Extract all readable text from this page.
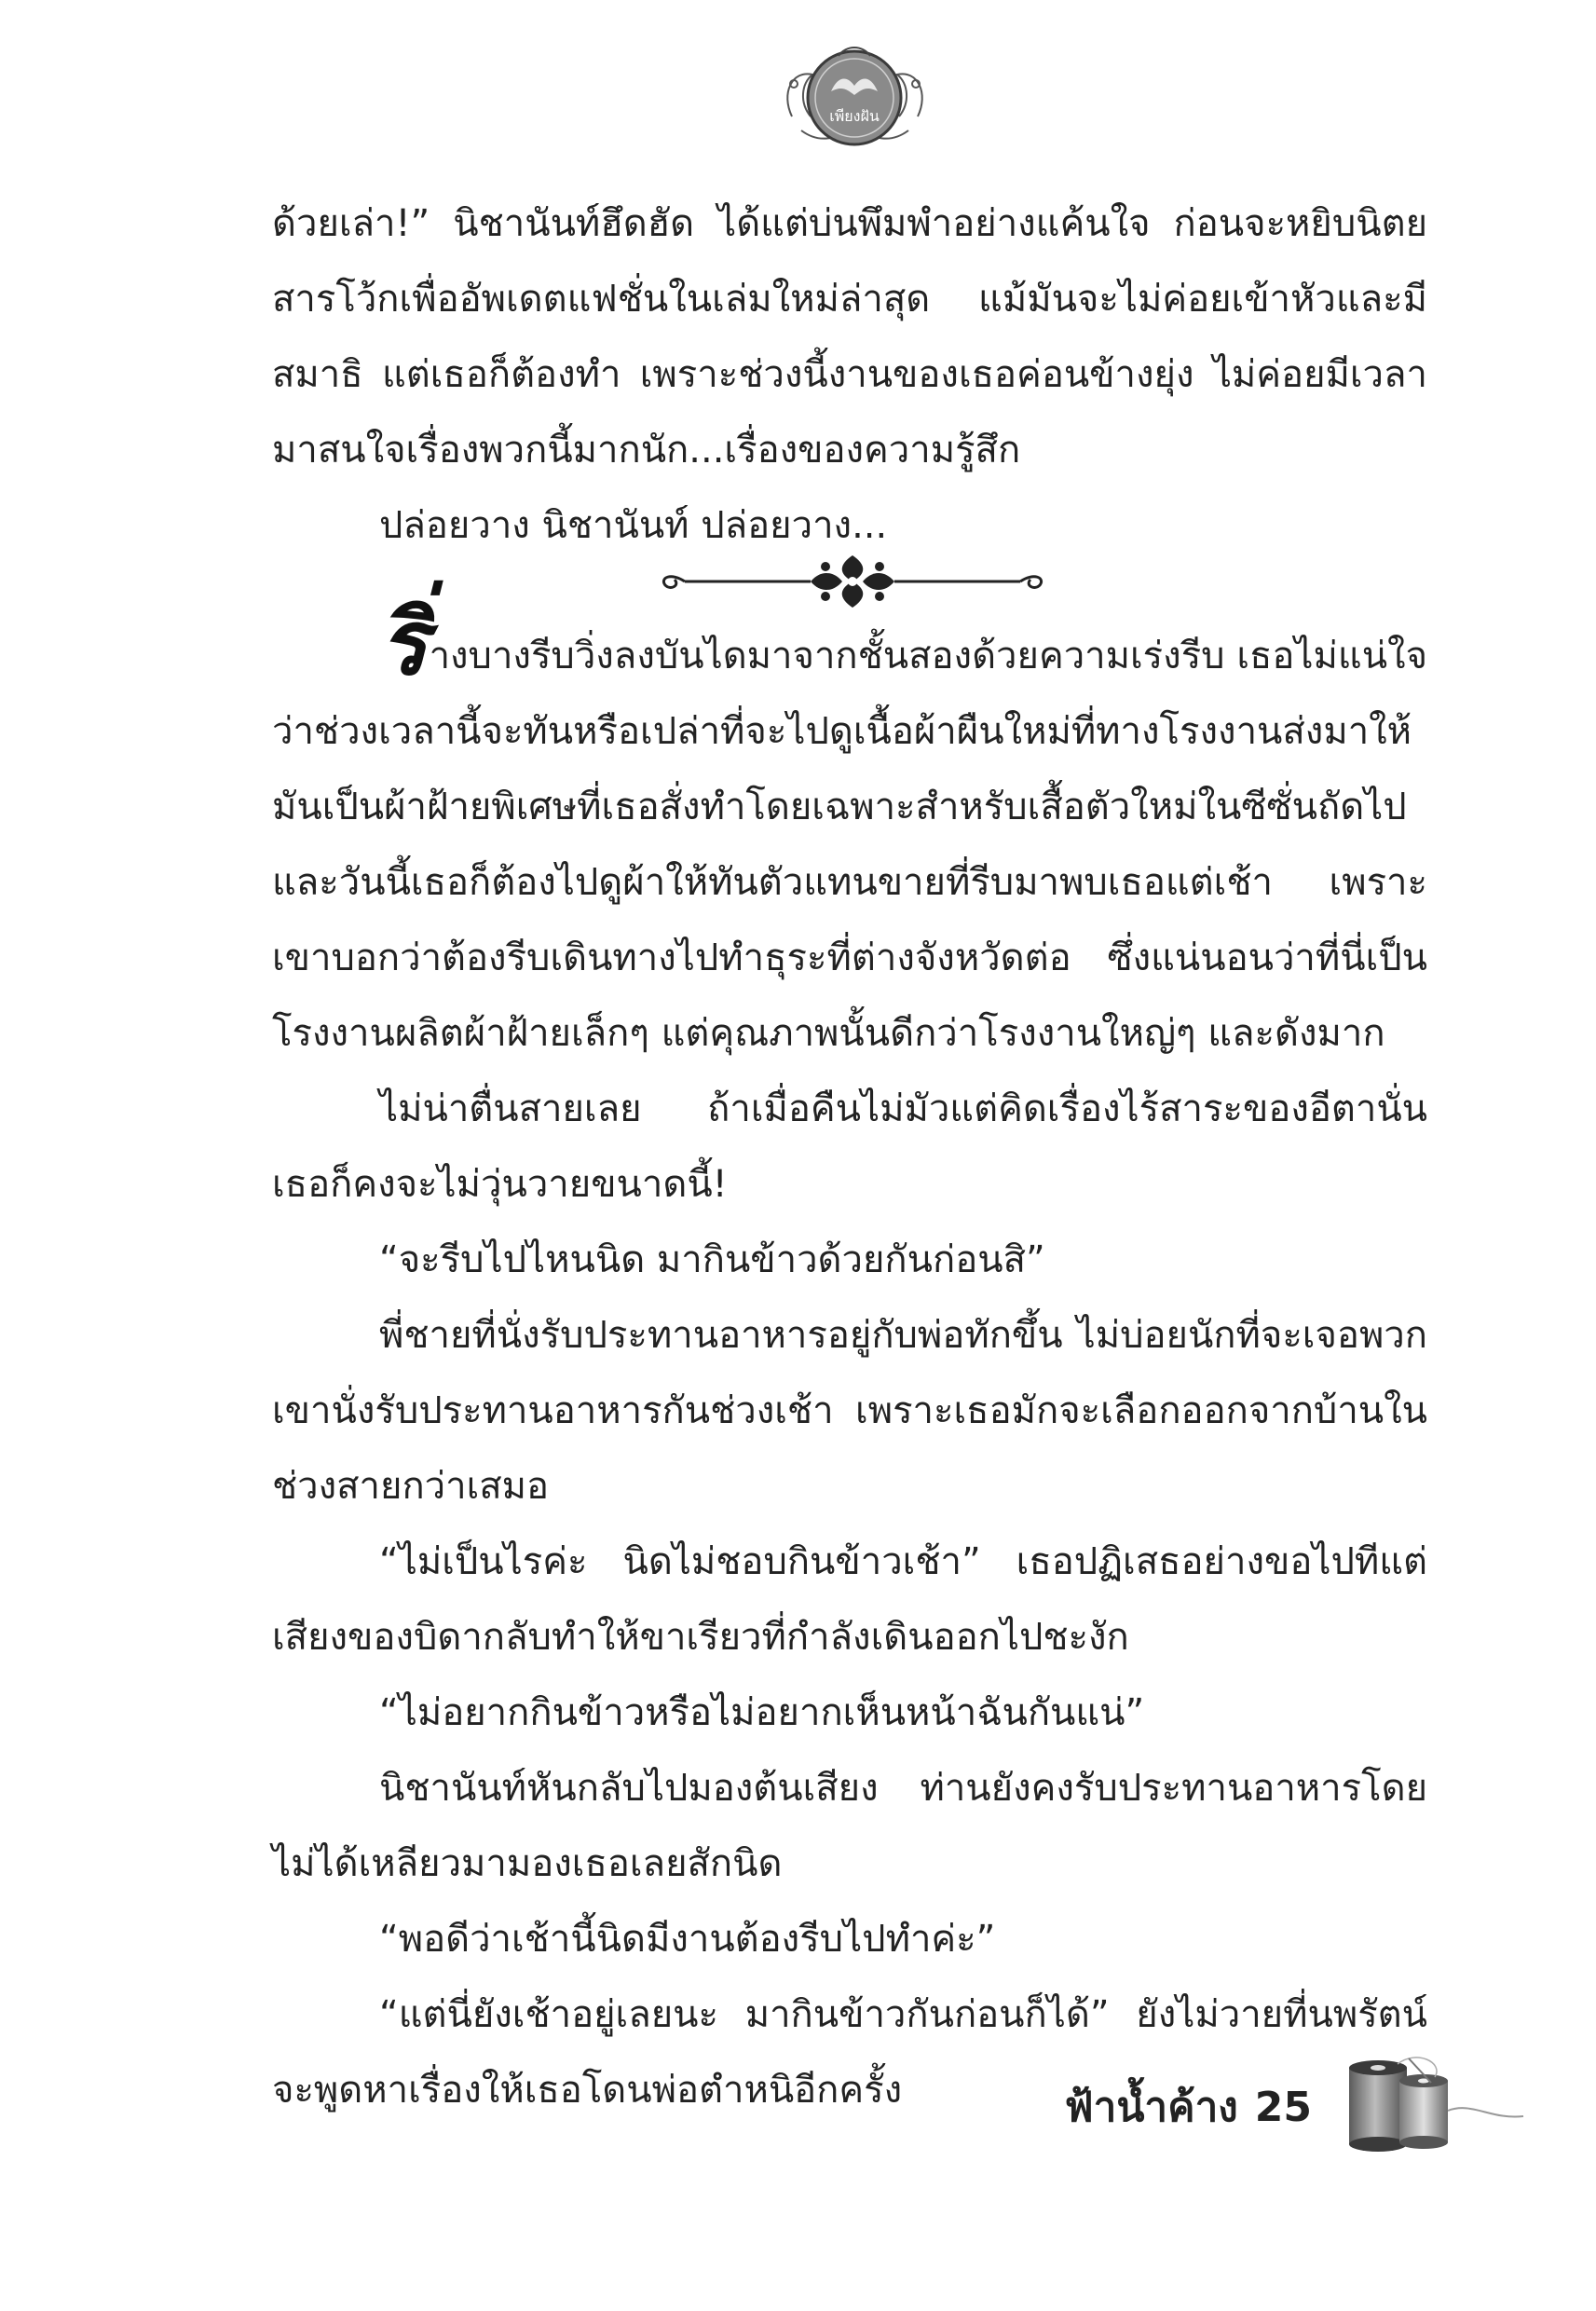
เพียงฝัน

ด้วยเล่า!” นิชานันท์ฮึดฮัด ได้แต่บ่นพึมพำอย่างแค้นใจ ก่อนจะหยิบนิตยสารโว้กเพื่ออัพเดตแฟชั่นในเล่มใหม่ล่าสุด แม้มันจะไม่ค่อยเข้าหัวและมีสมาธิ แต่เธอก็ต้องทำ เพราะช่วงนี้งานของเธอค่อนข้างยุ่ง ไม่ค่อยมีเวลามาสนใจเรื่องพวกนี้มากนัก...เรื่องของความรู้สึก

ปล่อยวาง นิชานันท์ ปล่อยวาง...

ริ่างบางรีบวิ่งลงบันไดมาจากชั้นสองด้วยความเร่งรีบ เธอไม่แน่ใจว่าช่วงเวลานี้จะทันหรือเปล่าที่จะไปดูเนื้อผ้าผืนใหม่ที่ทางโรงงานส่งมาให้ มันเป็นผ้าฝ้ายพิเศษที่เธอสั่งทำโดยเฉพาะสำหรับเสื้อตัวใหม่ในซีซั่นถัดไป และวันนี้เธอก็ต้องไปดูผ้าให้ทันตัวแทนขายที่รีบมาพบเธอแต่เช้า เพราะเขาบอกว่าต้องรีบเดินทางไปทำธุระที่ต่างจังหวัดต่อ ซึ่งแน่นอนว่าที่นี่เป็นโรงงานผลิตผ้าฝ้ายเล็กๆ แต่คุณภาพนั้นดีกว่าโรงงานใหญ่ๆ และดังมาก

ไม่น่าตื่นสายเลย ถ้าเมื่อคืนไม่มัวแต่คิดเรื่องไร้สาระของอีตานั่นเธอก็คงจะไม่วุ่นวายขนาดนี้!

“จะรีบไปไหนนิด มากินข้าวด้วยกันก่อนสิ”

พี่ชายที่นั่งรับประทานอาหารอยู่กับพ่อทักขึ้น ไม่บ่อยนักที่จะเจอพวกเขานั่งรับประทานอาหารกันช่วงเช้า เพราะเธอมักจะเลือกออกจากบ้านในช่วงสายกว่าเสมอ

“ไม่เป็นไรค่ะ นิดไม่ชอบกินข้าวเช้า” เธอปฏิเสธอย่างขอไปทีแต่เสียงของบิดากลับทำให้ขาเรียวที่กำลังเดินออกไปชะงัก

“ไม่อยากกินข้าวหรือไม่อยากเห็นหน้าฉันกันแน่”

นิชานันท์หันกลับไปมองต้นเสียง ท่านยังคงรับประทานอาหารโดยไม่ได้เหลียวมามองเธอเลยสักนิด

“พอดีว่าเช้านี้นิดมีงานต้องรีบไปทำค่ะ”

“แต่นี่ยังเช้าอยู่เลยนะ มากินข้าวกันก่อนก็ได้” ยังไม่วายที่นพรัตน์จะพูดหาเรื่องให้เธอโดนพ่อตำหนิอีกครั้ง	ฟ้าน้ำค้าง 25
